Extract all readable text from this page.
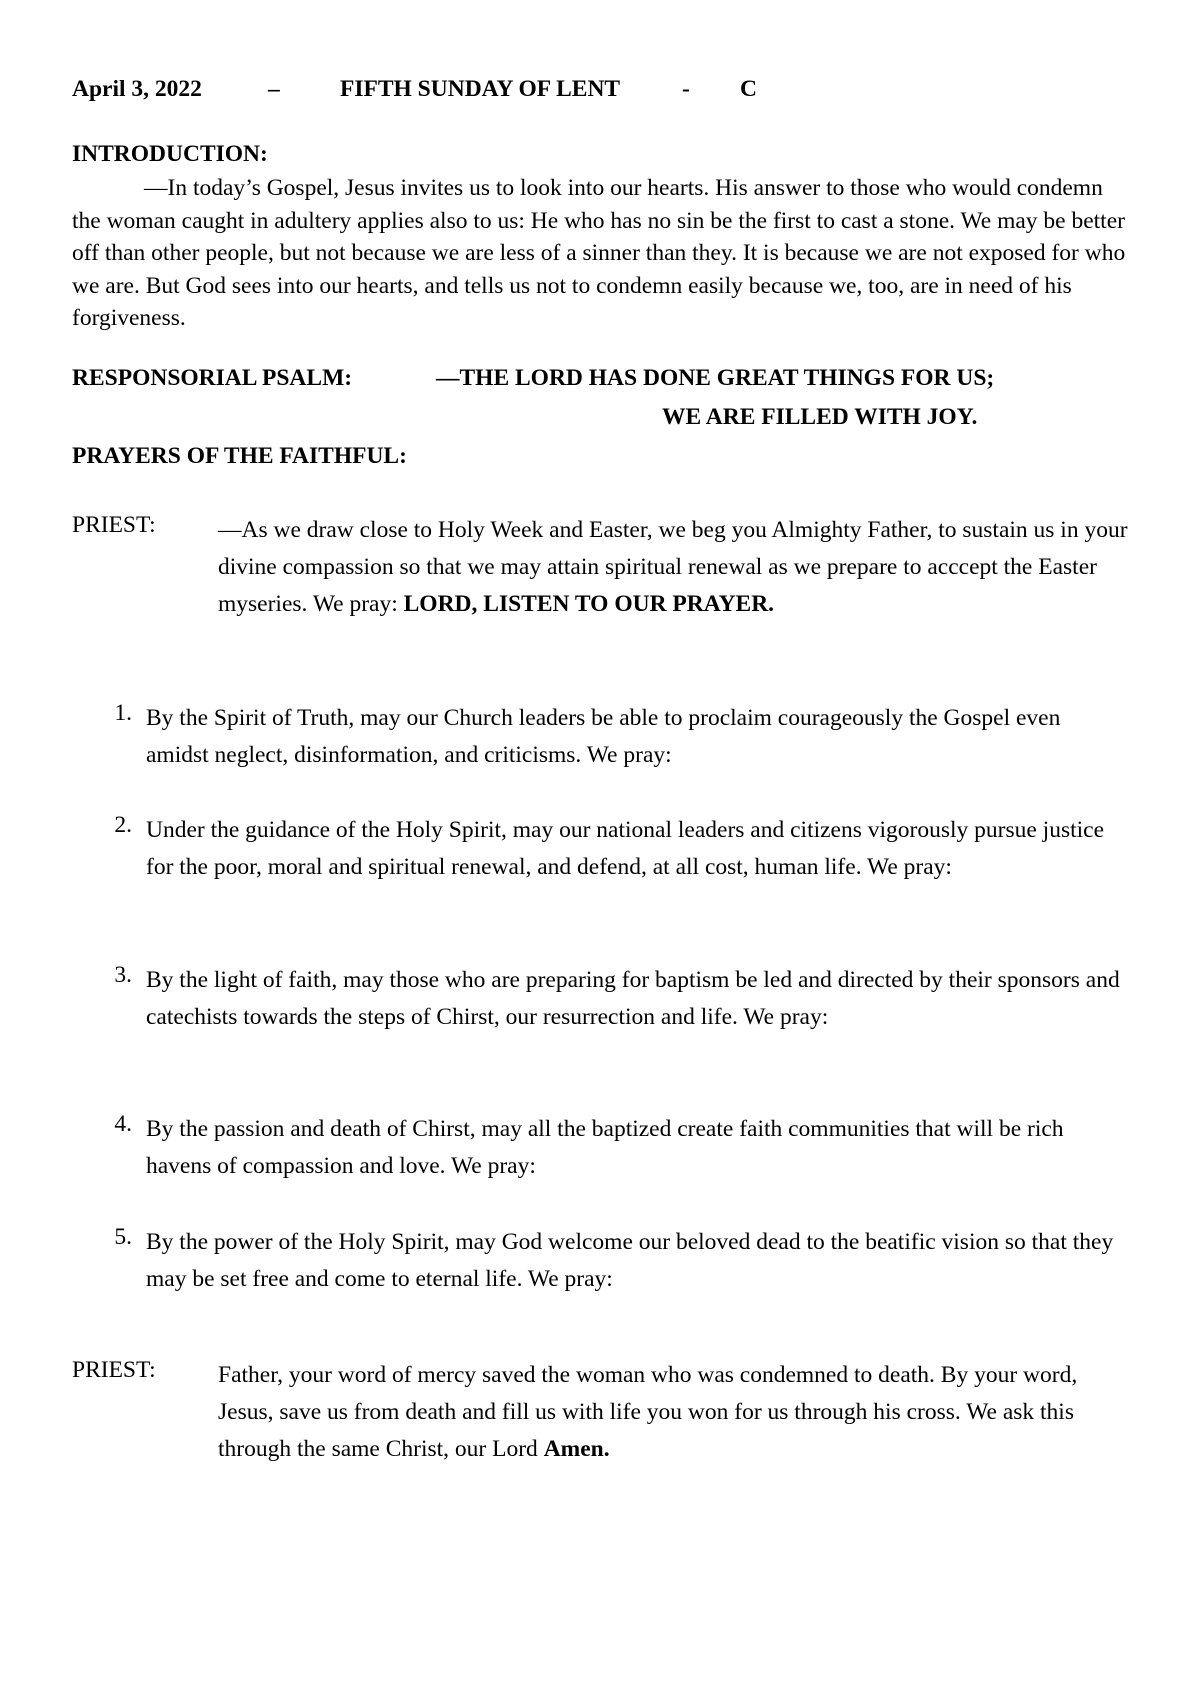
April 3, 2022	–	FIFTH SUNDAY OF LENT	- C
INTRODUCTION:
—In today’s Gospel, Jesus invites us to look into our hearts. His answer to those who would condemn the woman caught in adultery applies also to us: He who has no sin be the first to cast a stone. We may be better off than other people, but not because we are less of a sinner than they. It is because we are not exposed for who we are. But God sees into our hearts, and tells us not to condemn easily because we, too, are in need of his forgiveness.
RESPONSORIAL PSALM:	—THE LORD HAS DONE GREAT THINGS FOR US;
WE ARE FILLED WITH JOY.
PRAYERS OF THE FAITHFUL:
PRIEST:	—As we draw close to Holy Week and Easter, we beg you Almighty Father, to sustain us in your divine compassion so that we may attain spiritual renewal as we prepare to acccept the Easter myseries. We pray: LORD, LISTEN TO OUR PRAYER.
1. By the Spirit of Truth, may our Church leaders be able to proclaim courageously the Gospel even amidst neglect, disinformation, and criticisms. We pray:
2. Under the guidance of the Holy Spirit, may our national leaders and citizens vigorously pursue justice for the poor, moral and spiritual renewal, and defend, at all cost, human life. We pray:
3. By the light of faith, may those who are preparing for baptism be led and directed by their sponsors and catechists towards the steps of Chirst, our resurrection and life. We pray:
4. By the passion and death of Chirst, may all the baptized create faith communities that will be rich havens of compassion and love. We pray:
5. By the power of the Holy Spirit, may God welcome our beloved dead to the beatific vision so that they may be set free and come to eternal life. We pray:
PRIEST:	Father, your word of mercy saved the woman who was condemned to death. By your word, Jesus, save us from death and fill us with life you won for us through his cross. We ask this through the same Christ, our Lord Amen.
